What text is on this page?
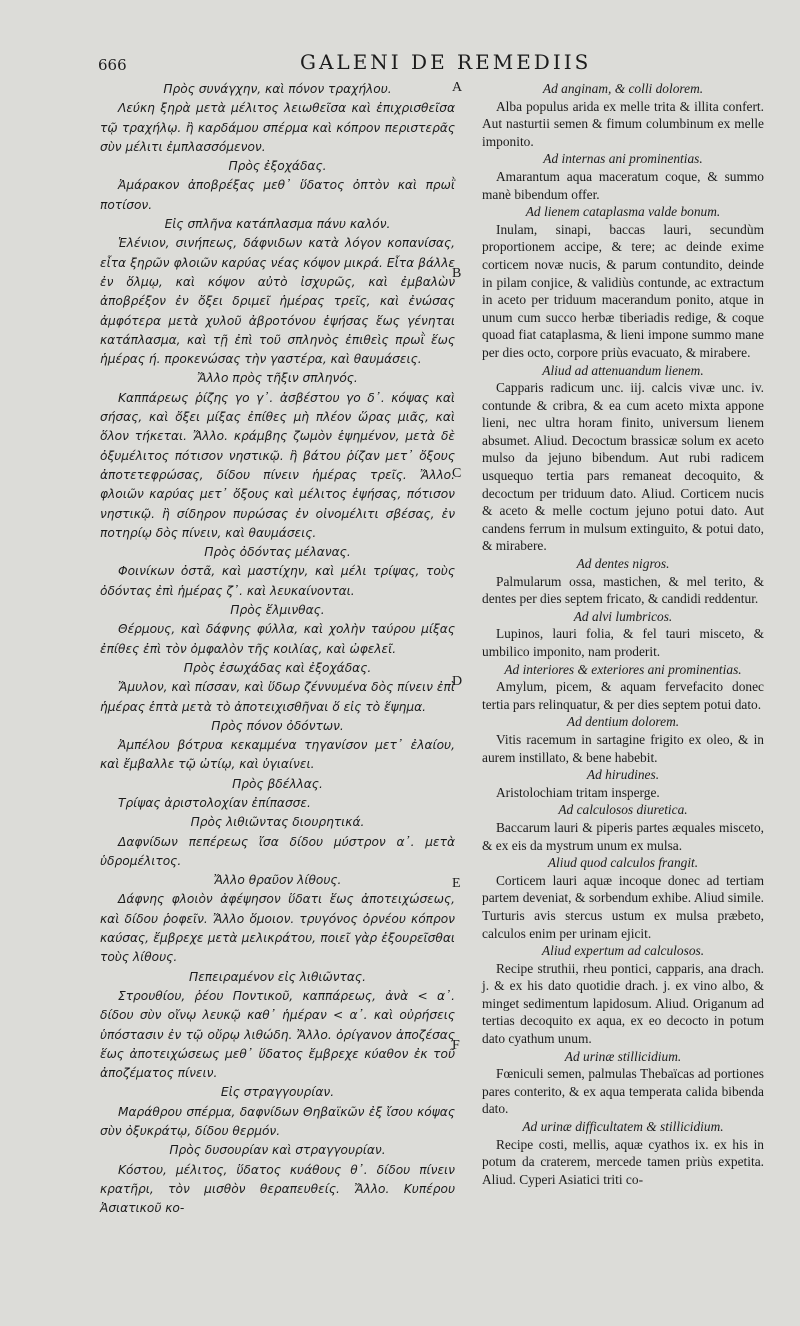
666	GALENI DE REMEDIIS
A
B
C
D
E
F

Πρὸς συνάγχην, καὶ πόνον τραχήλου.

Λεύκη ξηρὰ μετὰ μέλιτος λειωθεῖσα καὶ ἐπιχρισθεῖσα τῷ τραχήλῳ. ἢ καρδάμου σπέρμα καὶ κόπρον περιστερᾶς σὺν μέλιτι ἐμπλασσόμενον.

Πρὸς ἐξοχάδας.

Ἀμάρακον ἀποβρέξας μεθ᾽ ὕδατος ὀπτὸν καὶ πρωῒ ποτίσον.

Εἰς σπλῆνα κατάπλασμα πάνυ καλόν.

Ἑλένιον, σινήπεως, δάφνιδων κατὰ λόγον κοπανίσας, εἶτα ξηρῶν φλοιῶν καρύας νέας κόψον μικρά. Εἶτα βάλλε ἐν ὅλμῳ, καὶ κόψον αὐτὸ ἰσχυρῶς, καὶ ἐμβαλὼν ἀποβρέξον ἐν ὄξει δριμεῖ ἡμέρας τρεῖς, καὶ ἐνώσας ἀμφότερα μετὰ χυλοῦ ἀβροτόνου ἑψήσας ἕως γένηται κατάπλασμα, καὶ τῇ ἐπὶ τοῦ σπληνὸς ἐπιθεὶς πρωῒ ἕως ἡμέρας ή. προκενώσας τὴν γαστέρα, καὶ θαυμάσεις.

Ἄλλο πρὸς τῆξιν σπληνός.

Καππάρεως ῥίζης γο γ᾽. ἀσβέστου γο δ᾽. κόψας καὶ σήσας, καὶ ὄξει μίξας ἐπίθες μὴ πλέον ὥρας μιᾶς, καὶ ὅλον τήκεται. Ἄλλο. κράμβης ζωμὸν ἑψημένον, μετὰ δὲ ὀξυμέλιτος πότισον νηστικῷ. ἢ βάτου ῥίζαν μετ᾽ ὄξους ἀποτετεφρώσας, δίδου πίνειν ἡμέρας τρεῖς. Ἄλλο. φλοιῶν καρύας μετ᾽ ὄξους καὶ μέλιτος ἑψήσας, πότισον νηστικῷ. ἢ σίδηρον πυρώσας ἐν οἰνομέλιτι σβέσας, ἐν ποτηρίῳ δὸς πίνειν, καὶ θαυμάσεις.

Πρὸς ὀδόντας μέλανας.

Φοινίκων ὀστᾶ, καὶ μαστίχην, καὶ μέλι τρίψας, τοὺς ὀδόντας ἐπὶ ἡμέρας ζ᾽. καὶ λευκαίνονται.

Πρὸς ἕλμινθας.

Θέρμους, καὶ δάφνης φύλλα, καὶ χολὴν ταύρου μίξας ἐπίθες ἐπὶ τὸν ὀμφαλὸν τῆς κοιλίας, καὶ ὠφελεῖ.

Πρὸς ἐσωχάδας καὶ ἐξοχάδας.

Ἄμυλον, καὶ πίσσαν, καὶ ὕδωρ ζέννυμένα δὸς πίνειν ἐπὶ ἡμέρας ἑπτὰ μετὰ τὸ ἀποτειχισθῆναι ὅ εἰς τὸ ἕψημα.

Πρὸς πόνον ὀδόντων.

Ἀμπέλου βότρυα κεκαμμένα τηγανίσον μετ᾽ ἐλαίου, καὶ ἔμβαλλε τῷ ὠτίῳ, καὶ ὑγιαίνει.

Πρὸς βδέλλας.

Τρίψας ἀριστολοχίαν ἐπίπασσε.

Πρὸς λιθιῶντας διουρητικά.

Δαφνίδων πεπέρεως ἴσα δίδου μύστρον α᾽. μετὰ ὑδρομέλιτος.

Ἄλλο θραῦον λίθους.

Δάφνης φλοιὸν ἀφέψησον ὕδατι ἕως ἀποτειχώσεως, καὶ δίδου ῥοφεῖν. Ἄλλο ὅμοιον. τρυγόνος ὀρνέου κόπρον καύσας, ἔμβρεχε μετὰ μελικράτου, ποιεῖ γὰρ ἐξουρεῖσθαι τοὺς λίθους.

Πεπειραμένον εἰς λιθιῶντας.

Στρουθίου, ῥέου Ποντικοῦ, καππάρεως, ἀνὰ < α᾽. δίδου σὺν οἴνῳ λευκῷ καθ᾽ ἡμέραν < α᾽. καὶ οὐρήσεις ὑπόστασιν ἐν τῷ οὔρῳ λιθώδη. Ἄλλο. ὀρίγανον ἀποζέσας ἕως ἀποτειχώσεως μεθ᾽ ὕδατος ἔμβρεχε κύαθον ἐκ τοῦ ἀποζέματος πίνειν.

Εἰς στραγγουρίαν.

Μαράθρου σπέρμα, δαφνίδων Θηβαϊκῶν ἐξ ἴσου κόψας σὺν ὀξυκράτῳ, δίδου θερμόν.

Πρὸς δυσουρίαν καὶ στραγγουρίαν.

Κόστου, μέλιτος, ὕδατος κυάθους θ᾽. δίδου πίνειν κρατῆρι, τὸν μισθὸν θεραπευθείς. Ἄλλο. Κυπέρου Ἀσιατικοῦ κο-

Ad anginam, & colli dolorem.

Alba populus arida ex melle trita & illita confert. Aut nasturtii semen & fimum columbinum ex melle imponito.

Ad internas ani prominentias.

Amarantum aqua maceratum coque, & summo manè bibendum offer.

Ad lienem cataplasma valde bonum.

Inulam, sinapi, baccas lauri, secundùm proportionem accipe, & tere; ac deinde exime corticem novæ nucis, & parum contundito, deinde in pilam conjice, & validiùs contunde, ac extractum in aceto per triduum macerandum ponito, atque in unum cum succo herbæ tiberiadis redige, & coque quoad fiat cataplasma, & lieni impone summo mane per dies octo, corpore priùs evacuato, & mirabere.

Aliud ad attenuandum lienem.

Capparis radicum unc. iij. calcis vivæ unc. iv. contunde & cribra, & ea cum aceto mixta appone lieni, nec ultra horam finito, universum lienem absumet. Aliud. Decoctum brassicæ solum ex aceto mulso da jejuno bibendum. Aut rubi radicem usquequo tertia pars remaneat decoquito, & decoctum per triduum dato. Aliud. Corticem nucis & aceto & melle coctum jejuno potui dato. Aut candens ferrum in mulsum extinguito, & potui dato, & mirabere.

Ad dentes nigros.

Palmularum ossa, mastichen, & mel terito, & dentes per dies septem fricato, & candidi reddentur.

Ad alvi lumbricos.

Lupinos, lauri folia, & fel tauri misceto, & umbilico imponito, nam proderit.

Ad interiores & exteriores ani prominentias.

Amylum, picem, & aquam fervefacito donec tertia pars relinquatur, & per dies septem potui dato.

Ad dentium dolorem.

Vitis racemum in sartagine frigito ex oleo, & in aurem instillato, & bene habebit.

Ad hirudines.

Aristolochiam tritam insperge.

Ad calculosos diuretica.

Baccarum lauri & piperis partes æquales misceto, & ex eis da mystrum unum ex mulsa.

Aliud quod calculos frangit.

Corticem lauri aquæ incoque donec ad tertiam partem deveniat, & sorbendum exhibe. Aliud simile. Turturis avis stercus ustum ex mulsa præbeto, calculos enim per urinam ejicit.

Aliud expertum ad calculosos.

Recipe struthii, rheu pontici, capparis, ana drach. j. & ex his dato quotidie drach. j. ex vino albo, & minget sedimentum lapidosum. Aliud. Origanum ad tertias decoquito ex aqua, ex eo decocto in potum dato cyathum unum.

Ad urinæ stillicidium.

Fœniculi semen, palmulas Thebaïcas ad portiones pares conterito, & ex aqua temperata calida bibenda dato.

Ad urinæ difficultatem & stillicidium.

Recipe costi, mellis, aquæ cyathos ix. ex his in potum da craterem, mercede tamen priùs expetita. Aliud. Cyperi Asiatici triti co-
